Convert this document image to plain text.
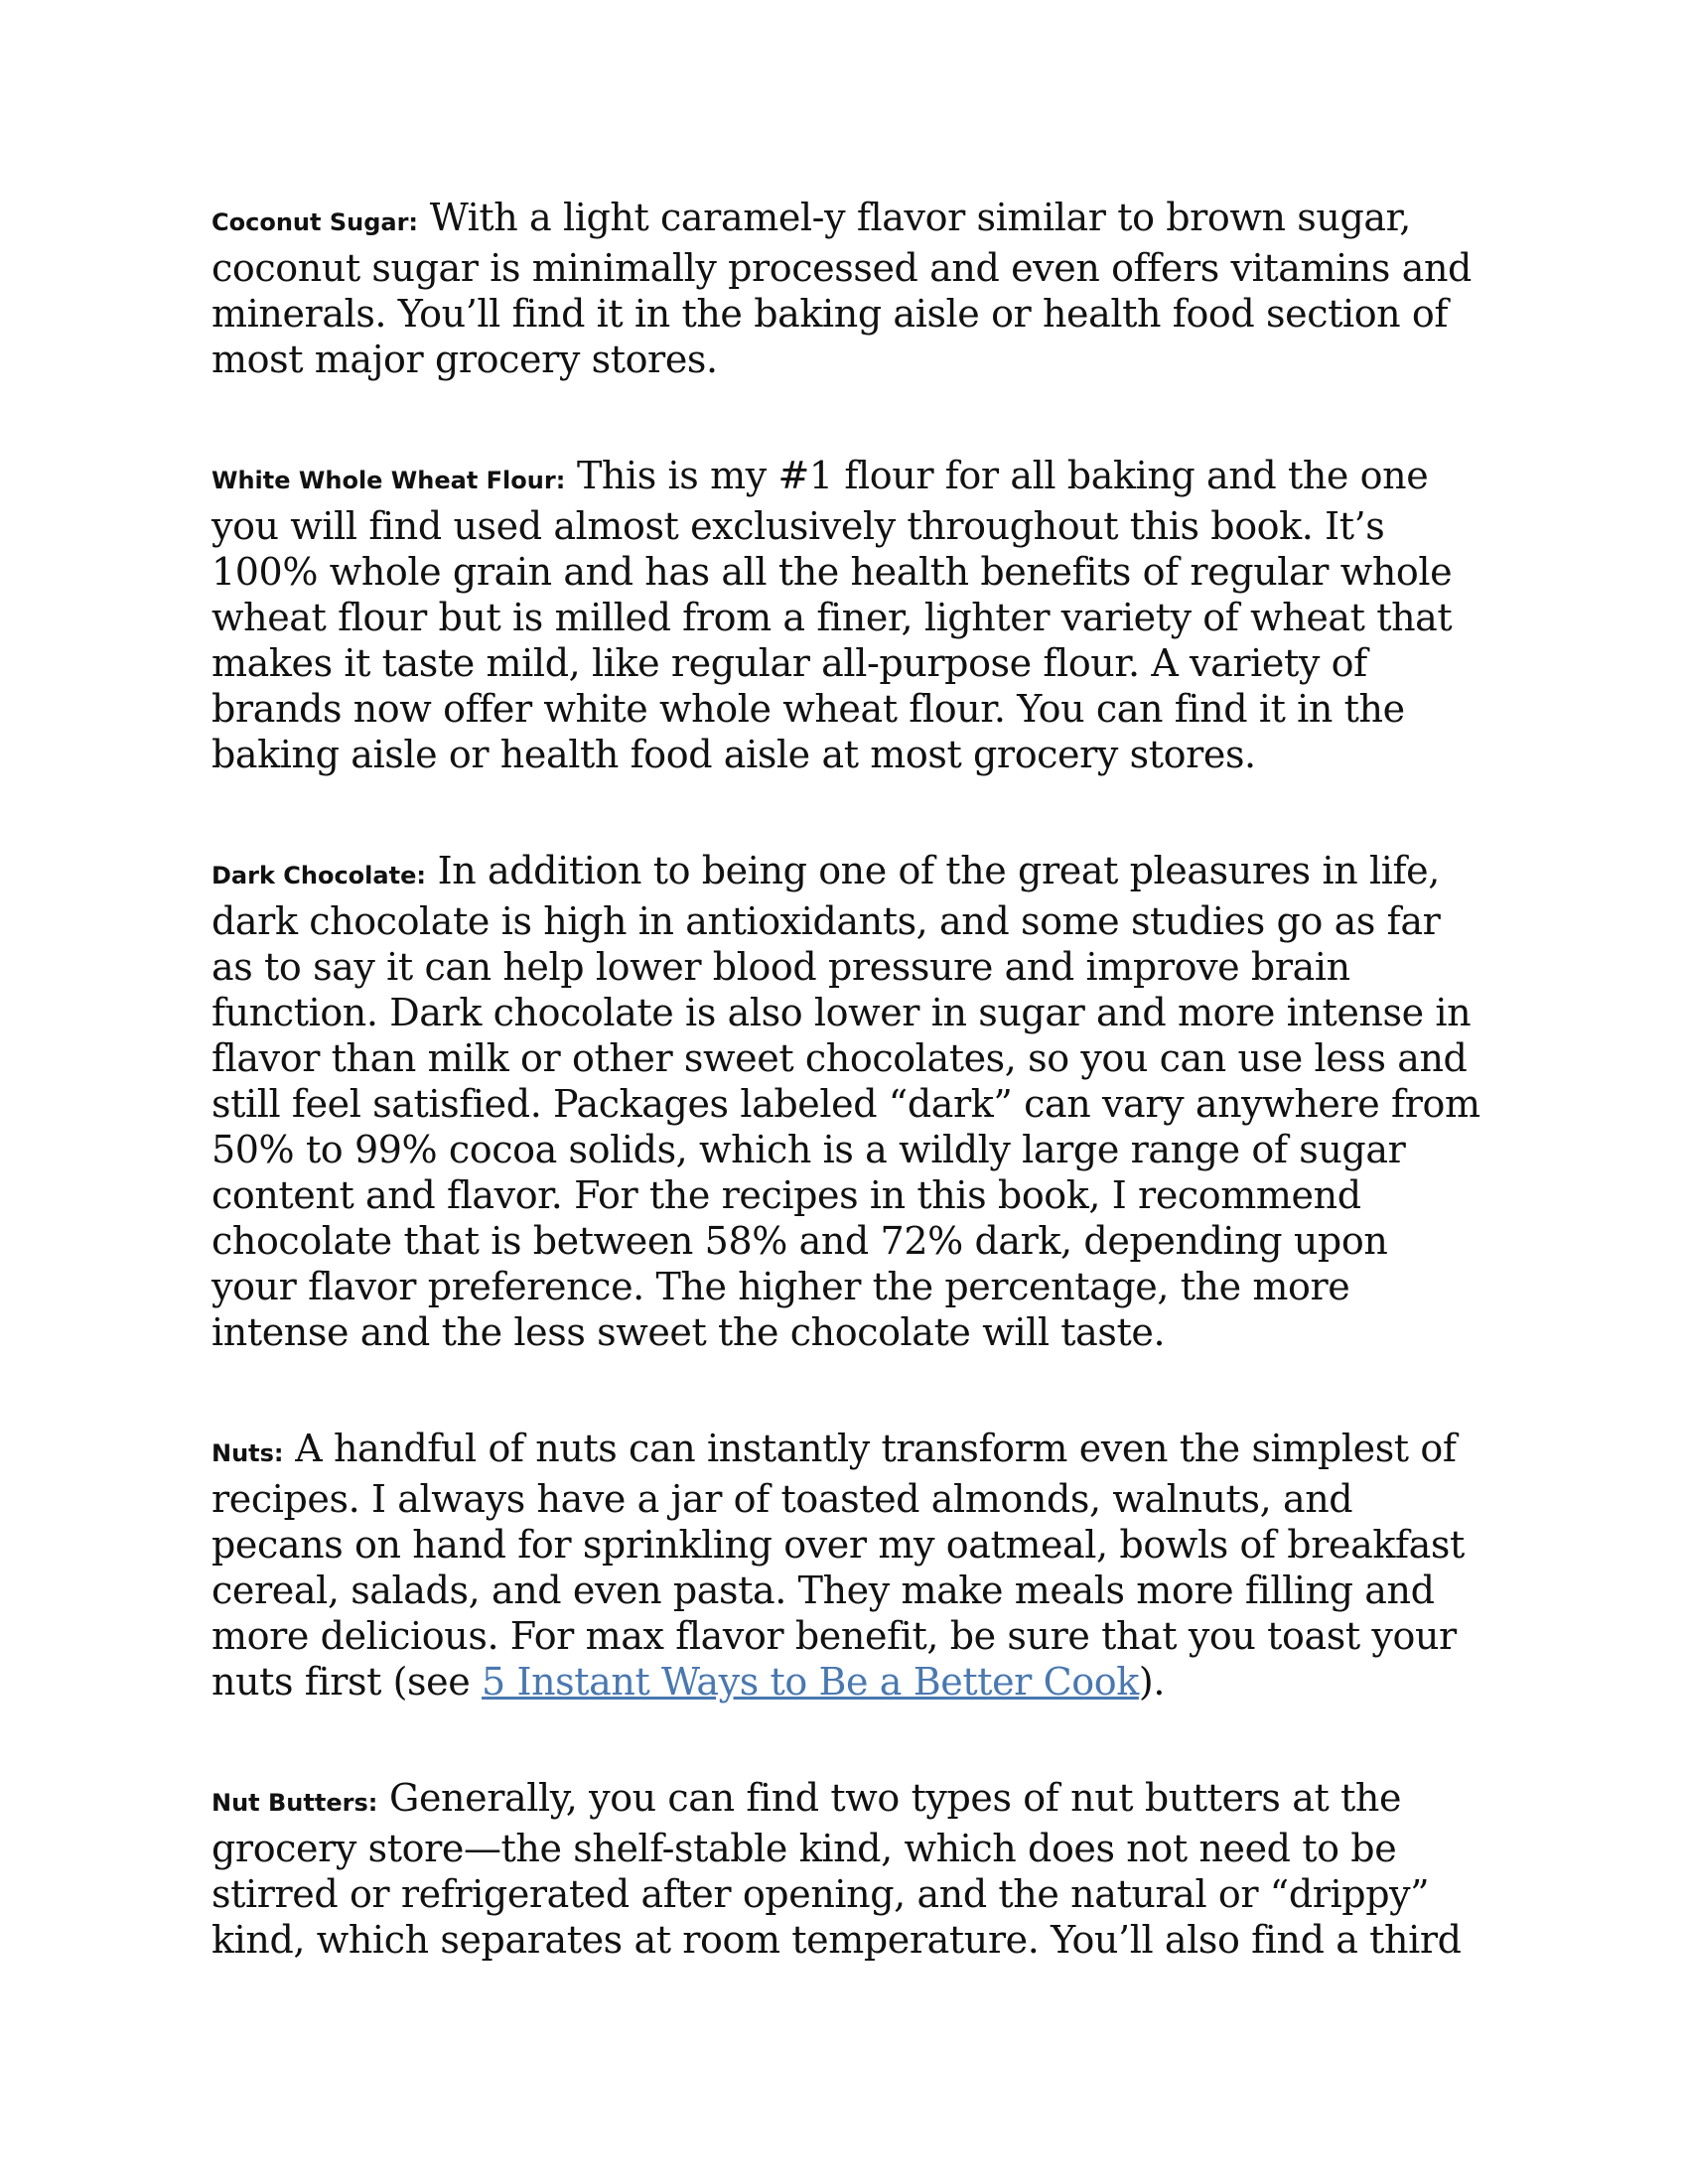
Coconut Sugar: With a light caramel-y flavor similar to brown sugar, coconut sugar is minimally processed and even offers vitamins and minerals. You’ll find it in the baking aisle or health food section of most major grocery stores.

White Whole Wheat Flour: This is my #1 flour for all baking and the one you will find used almost exclusively throughout this book. It’s 100% whole grain and has all the health benefits of regular whole wheat flour but is milled from a finer, lighter variety of wheat that makes it taste mild, like regular all-purpose flour. A variety of brands now offer white whole wheat flour. You can find it in the baking aisle or health food aisle at most grocery stores.

Dark Chocolate: In addition to being one of the great pleasures in life, dark chocolate is high in antioxidants, and some studies go as far as to say it can help lower blood pressure and improve brain function. Dark chocolate is also lower in sugar and more intense in flavor than milk or other sweet chocolates, so you can use less and still feel satisfied. Packages labeled “dark” can vary anywhere from 50% to 99% cocoa solids, which is a wildly large range of sugar content and flavor. For the recipes in this book, I recommend chocolate that is between 58% and 72% dark, depending upon your flavor preference. The higher the percentage, the more intense and the less sweet the chocolate will taste.

Nuts: A handful of nuts can instantly transform even the simplest of recipes. I always have a jar of toasted almonds, walnuts, and pecans on hand for sprinkling over my oatmeal, bowls of breakfast cereal, salads, and even pasta. They make meals more filling and more delicious. For max flavor benefit, be sure that you toast your nuts first (see 5 Instant Ways to Be a Better Cook).

Nut Butters: Generally, you can find two types of nut butters at the grocery store—the shelf-stable kind, which does not need to be stirred or refrigerated after opening, and the natural or “drippy” kind, which separates at room temperature. You’ll also find a third
